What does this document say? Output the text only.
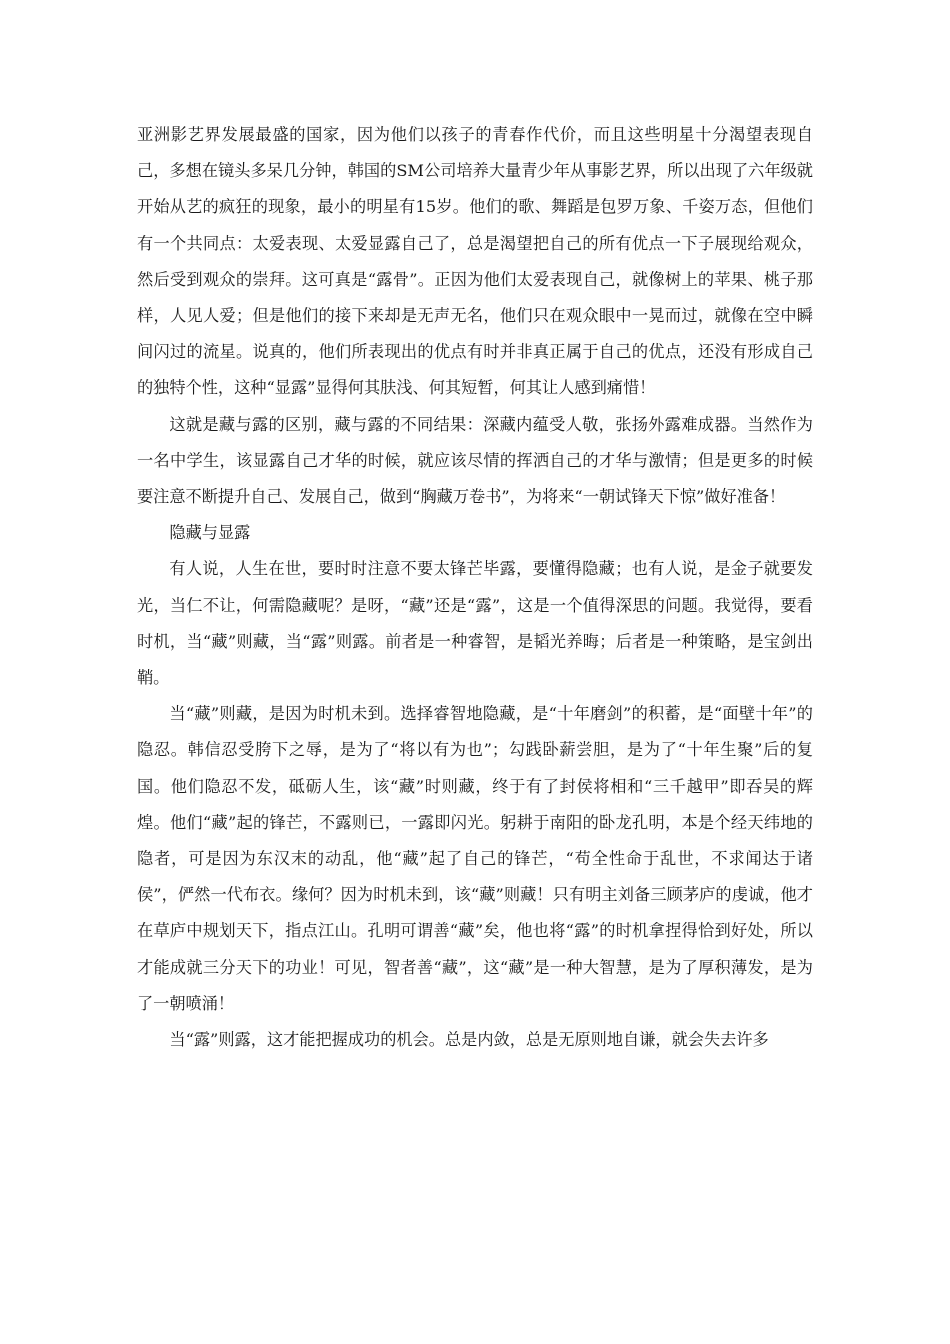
亚洲影艺界发展最盛的国家，因为他们以孩子的青春作代价，而且这些明星十分渴望表现自己，多想在镜头多呆几分钟，韩国的SM公司培养大量青少年从事影艺界，所以出现了六年级就开始从艺的疯狂的现象，最小的明星有15岁。他们的歌、舞蹈是包罗万象、千姿万态，但他们有一个共同点：太爱表现、太爱显露自己了，总是渴望把自己的所有优点一下子展现给观众，然后受到观众的崇拜。这可真是“露骨”。正因为他们太爱表现自己，就像树上的苹果、桃子那样，人见人爱；但是他们的接下来却是无声无名，他们只在观众眼中一晃而过，就像在空中瞬间闪过的流星。说真的，他们所表现出的优点有时并非真正属于自己的优点，还没有形成自己的独特个性，这种“显露”显得何其肤浅、何其短暂，何其让人感到痛惜！

这就是藏与露的区别，藏与露的不同结果：深藏内蕴受人敬，张扬外露难成器。当然作为一名中学生，该显露自己才华的时候，就应该尽情的挥洒自己的才华与激情；但是更多的时候要注意不断提升自己、发展自己，做到“胸藏万卷书”，为将来“一朝试锋天下惊”做好准备！

隐藏与显露

有人说，人生在世，要时时注意不要太锋芒毕露，要懂得隐藏；也有人说，是金子就要发光，当仁不让，何需隐藏呢？是呀，“藏”还是“露”，这是一个值得深思的问题。我觉得，要看时机，当“藏”则藏，当“露”则露。前者是一种睿智，是韬光养晦；后者是一种策略，是宝剑出鞘。

当“藏”则藏，是因为时机未到。选择睿智地隐藏，是“十年磨剑”的积蓄，是“面壁十年”的隐忍。韩信忍受胯下之辱，是为了“将以有为也”；勾践卧薪尝胆，是为了“十年生聚”后的复国。他们隐忍不发，砥砺人生，该“藏”时则藏，终于有了封侯将相和“三千越甲”即吞吴的辉煌。他们“藏”起的锋芒，不露则已，一露即闪光。躬耕于南阳的卧龙孔明，本是个经天纬地的隐者，可是因为东汉末的动乱，他“藏”起了自己的锋芒，“苟全性命于乱世，不求闻达于诸侯”，俨然一代布衣。缘何？因为时机未到，该“藏”则藏！只有明主刘备三顾茅庐的虔诚，他才在草庐中规划天下，指点江山。孔明可谓善“藏”矣，他也将“露”的时机拿捏得恰到好处，所以才能成就三分天下的功业！可见，智者善“藏”，这“藏”是一种大智慧，是为了厚积薄发，是为了一朝喷涌！

当“露”则露，这才能把握成功的机会。总是内敛，总是无原则地自谦，就会失去许多
